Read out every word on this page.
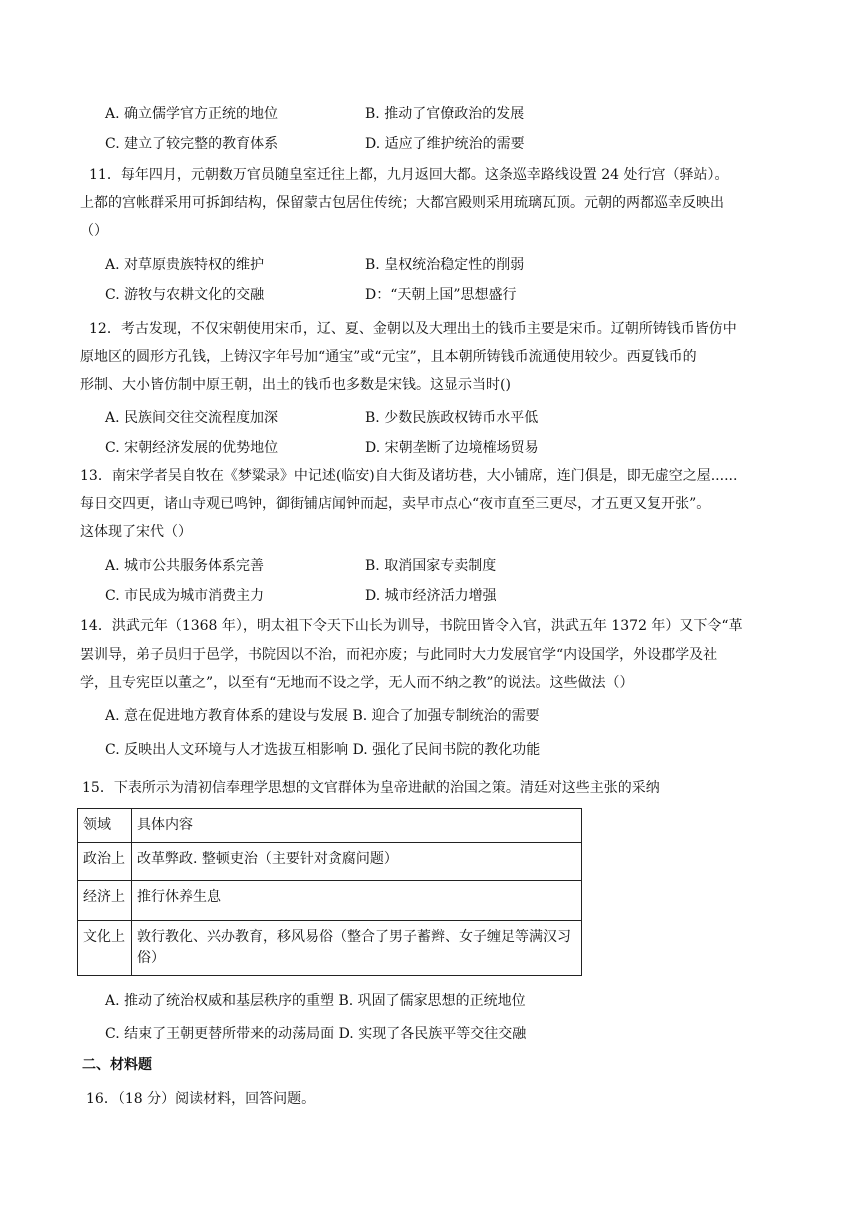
A. 确立儒学官方正统的地位	B. 推动了官僚政治的发展
C. 建立了较完整的教育体系	D. 适应了维护统治的需要
11．每年四月，元朝数万官员随皇室迁往上都，九月返回大都。这条巡幸路线设置 24 处行宫（驿站）。
上都的宫帐群采用可拆卸结构，保留蒙古包居住传统；大都宫殿则采用琉璃瓦顶。元朝的两都巡幸反映出
（）
A. 对草原贵族特权的维护	B. 皇权统治稳定性的削弱
C. 游牧与农耕文化的交融	D：“天朝上国”思想盛行
12．考古发现，不仅宋朝使用宋币，辽、夏、金朝以及大理出土的钱币主要是宋币。辽朝所铸钱币皆仿中
原地区的圆形方孔钱，上铸汉字年号加“通宝”或“元宝”，且本朝所铸钱币流通使用较少。西夏钱币的
形制、大小皆仿制中原王朝，出土的钱币也多数是宋钱。这显示当时()
A. 民族间交往交流程度加深	B. 少数民族政权铸币水平低
C. 宋朝经济发展的优势地位	D. 宋朝垄断了边境榷场贸易
13．南宋学者吴自牧在《梦粱录》中记述(临安)自大街及诸坊巷，大小铺席，连门俱是，即无虚空之屋......
每日交四更，诸山寺观已鸣钟，御街铺店闻钟而起，卖早市点心“夜市直至三更尽，才五更又复开张”。
这体现了宋代（）
A. 城市公共服务体系完善	B. 取消国家专卖制度
C. 市民成为城市消费主力	D. 城市经济活力增强
14．洪武元年（1368 年），明太祖下令天下山长为训导，书院田皆令入官，洪武五年 1372 年）又下令“革
罢训导，弟子员归于邑学，书院因以不治，而祀亦废；与此同时大力发展官学“内设国学，外设郡学及社
学，且专宪臣以董之”，以至有“无地而不设之学，无人而不纳之教”的说法。这些做法（）
A. 意在促进地方教育体系的建设与发展 B. 迎合了加强专制统治的需要
C. 反映出人文环境与人才选拔互相影响 D. 强化了民间书院的教化功能
15．下表所示为清初信奉理学思想的文官群体为皇帝进献的治国之策。清廷对这些主张的采纳
领域	具体内容
政治上	改革弊政. 整顿吏治（主要针对贪腐问题）
经济上	推行休养生息
文化上	敦行教化、兴办教育，移风易俗（整合了男子蓄辫、女子缠足等满汉习俗）
A. 推动了统治权威和基层秩序的重塑 B. 巩固了儒家思想的正统地位
C. 结束了王朝更替所带来的动荡局面 D. 实现了各民族平等交往交融
二、材料题
16．（18 分）阅读材料，回答问题。
